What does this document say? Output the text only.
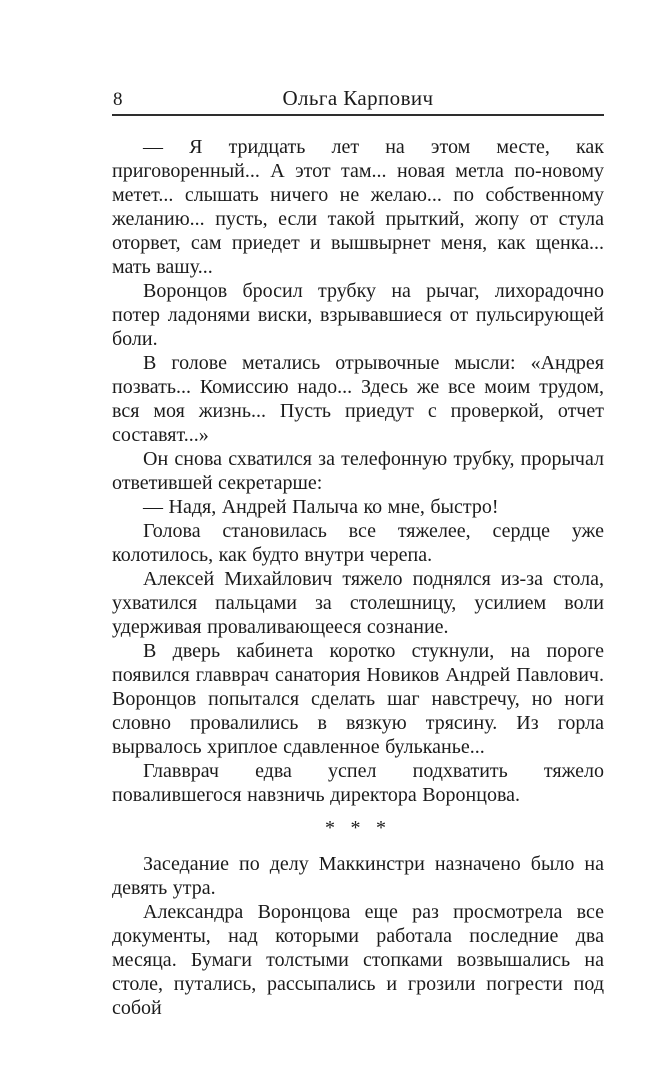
8	Ольга Карпович

— Я тридцать лет на этом месте, как приговоренный... А этот там... новая метла по-новому метет... слышать ничего не желаю... по собственному желанию... пусть, если такой прыткий, жопу от стула оторвет, сам приедет и вышвырнет меня, как щенка... мать вашу...

Воронцов бросил трубку на рычаг, лихорадочно потер ладонями виски, взрывавшиеся от пульсирующей боли.

В голове метались отрывочные мысли: «Андрея позвать... Комиссию надо... Здесь же все моим трудом, вся моя жизнь... Пусть приедут с проверкой, отчет составят...»

Он снова схватился за телефонную трубку, прорычал ответившей секретарше:

— Надя, Андрей Палыча ко мне, быстро!

Голова становилась все тяжелее, сердце уже колотилось, как будто внутри черепа.

Алексей Михайлович тяжело поднялся из-за стола, ухватился пальцами за столешницу, усилием воли удерживая проваливающееся сознание.

В дверь кабинета коротко стукнули, на пороге появился главврач санатория Новиков Андрей Павлович. Воронцов попытался сделать шаг навстречу, но ноги словно провалились в вязкую трясину. Из горла вырвалось хриплое сдавленное бульканье...

Главврач едва успел подхватить тяжело повалившегося навзничь директора Воронцова.

* * *

Заседание по делу Маккинстри назначено было на девять утра.

Александра Воронцова еще раз просмотрела все документы, над которыми работала последние два месяца. Бумаги толстыми стопками возвышались на столе, путались, рассыпались и грозили погрести под собой
